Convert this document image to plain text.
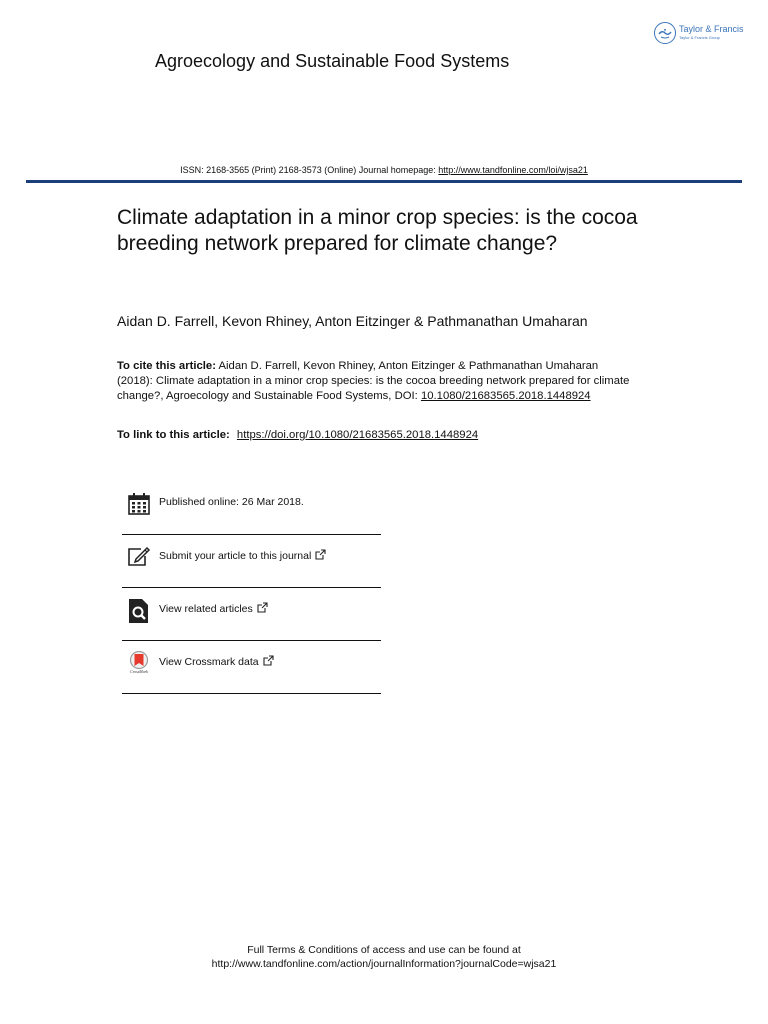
Taylor & Francis
Taylor & Francis Group
Agroecology and Sustainable Food Systems
ISSN: 2168-3565 (Print) 2168-3573 (Online) Journal homepage: http://www.tandfonline.com/loi/wjsa21
Climate adaptation in a minor crop species: is the cocoa breeding network prepared for climate change?
Aidan D. Farrell, Kevon Rhiney, Anton Eitzinger & Pathmanathan Umaharan
To cite this article: Aidan D. Farrell, Kevon Rhiney, Anton Eitzinger & Pathmanathan Umaharan (2018): Climate adaptation in a minor crop species: is the cocoa breeding network prepared for climate change?, Agroecology and Sustainable Food Systems, DOI: 10.1080/21683565.2018.1448924
To link to this article: https://doi.org/10.1080/21683565.2018.1448924
Published online: 26 Mar 2018.
Submit your article to this journal
View related articles
CrossMark
View Crossmark data
Full Terms & Conditions of access and use can be found at
http://www.tandfonline.com/action/journalInformation?journalCode=wjsa21
